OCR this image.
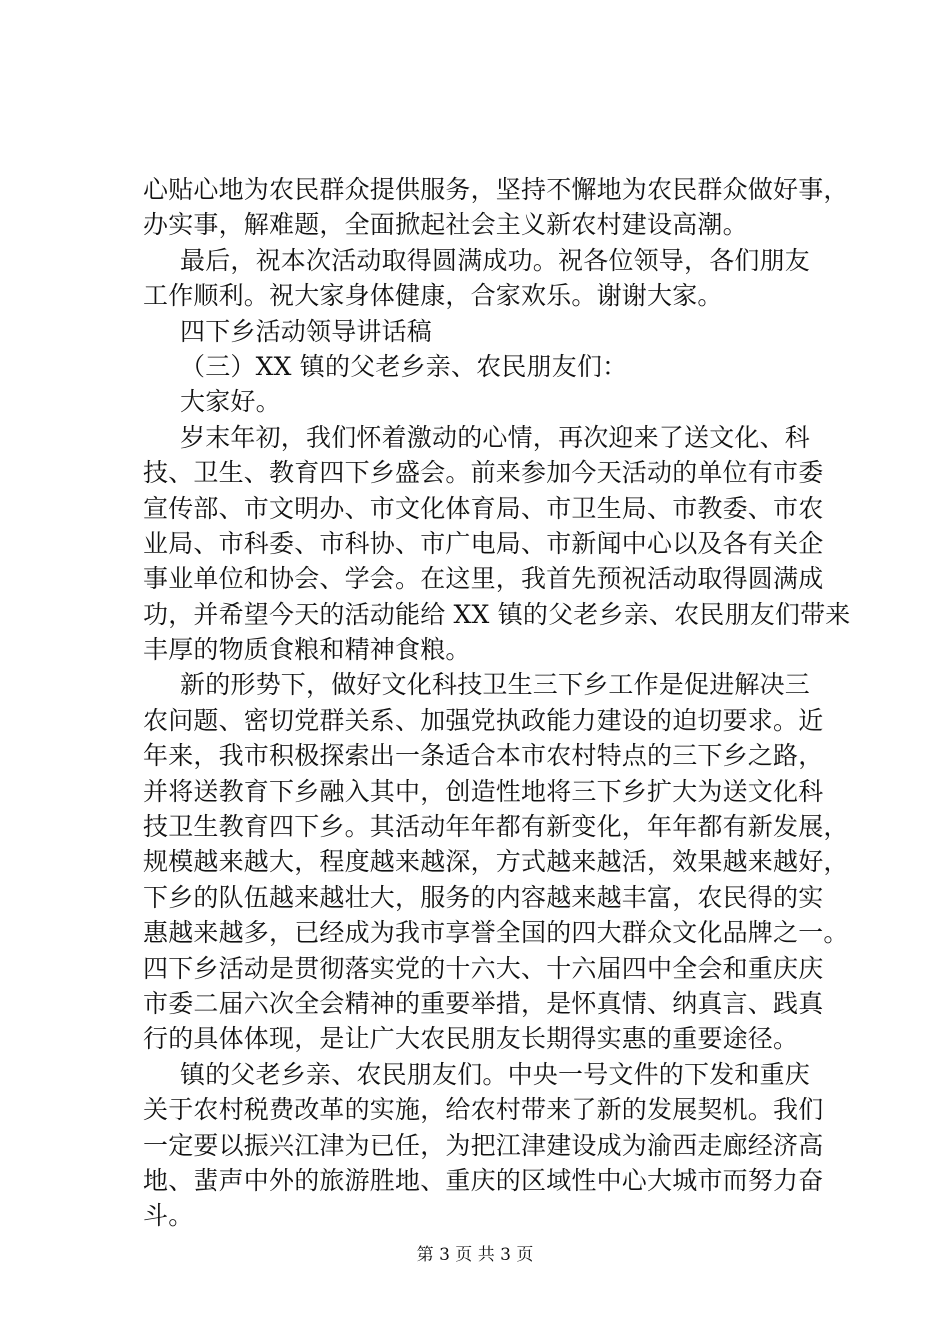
心贴心地为农民群众提供服务，坚持不懈地为农民群众做好事，
办实事，解难题，全面掀起社会主义新农村建设高潮。
最后，祝本次活动取得圆满成功。祝各位领导，各们朋友
工作顺利。祝大家身体健康，合家欢乐。谢谢大家。
四下乡活动领导讲话稿
（三）XX 镇的父老乡亲、农民朋友们：
大家好。
岁末年初，我们怀着激动的心情，再次迎来了送文化、科
技、卫生、教育四下乡盛会。前来参加今天活动的单位有市委
宣传部、市文明办、市文化体育局、市卫生局、市教委、市农
业局、市科委、市科协、市广电局、市新闻中心以及各有关企
事业单位和协会、学会。在这里，我首先预祝活动取得圆满成
功，并希望今天的活动能给 XX 镇的父老乡亲、农民朋友们带来
丰厚的物质食粮和精神食粮。
新的形势下，做好文化科技卫生三下乡工作是促进解决三
农问题、密切党群关系、加强党执政能力建设的迫切要求。近
年来，我市积极探索出一条适合本市农村特点的三下乡之路，
并将送教育下乡融入其中，创造性地将三下乡扩大为送文化科
技卫生教育四下乡。其活动年年都有新变化，年年都有新发展，
规模越来越大，程度越来越深，方式越来越活，效果越来越好，
下乡的队伍越来越壮大，服务的内容越来越丰富，农民得的实
惠越来越多，已经成为我市享誉全国的四大群众文化品牌之一。
四下乡活动是贯彻落实党的十六大、十六届四中全会和重庆庆
市委二届六次全会精神的重要举措，是怀真情、纳真言、践真
行的具体体现，是让广大农民朋友长期得实惠的重要途径。
镇的父老乡亲、农民朋友们。中央一号文件的下发和重庆
关于农村税费改革的实施，给农村带来了新的发展契机。我们
一定要以振兴江津为已任，为把江津建设成为渝西走廊经济高
地、蜚声中外的旅游胜地、重庆的区域性中心大城市而努力奋
斗。
第 3 页 共 3 页
